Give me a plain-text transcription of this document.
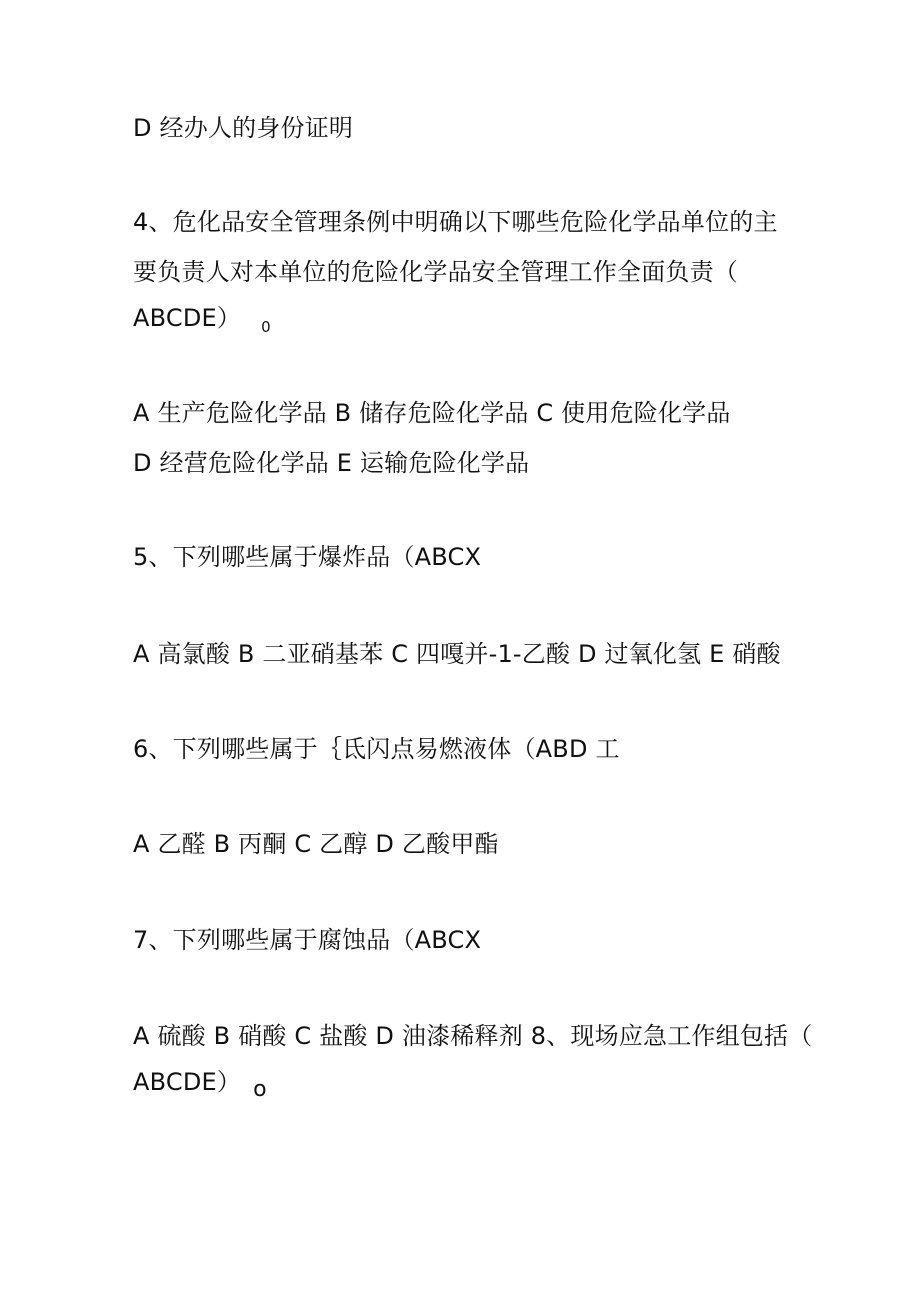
D 经办人的身份证明
4、危化品安全管理条例中明确以下哪些危险化学品单位的主
要负责人对本单位的危险化学品安全管理工作全面负责（
ABCDE） $_0$
A 生产危险化学品 B 储存危险化学品 C 使用危险化学品
D 经营危险化学品 E 运输危险化学品
5、下列哪些属于爆炸品（ABCX
A 高氯酸 B 二亚硝基苯 C 四嘎并-1-乙酸 D 过氧化氢 E 硝酸
6、下列哪些属于｛氐闪点易燃液体（ABD 工
A 乙醛 B 丙酮 C 乙醇 D 乙酸甲酯
7、下列哪些属于腐蚀品（ABCX
A 硫酸 B 硝酸 C 盐酸 D 油漆稀释剂 8、现场应急工作组包括（
ABCDE） o
